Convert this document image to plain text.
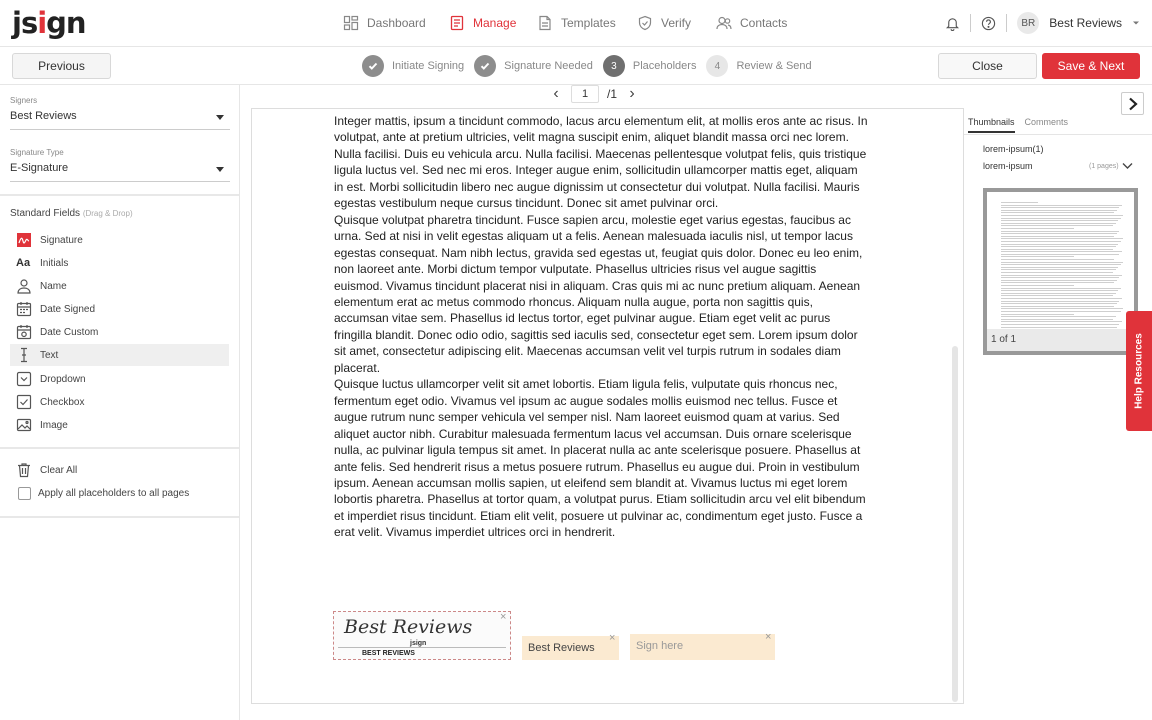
jsign	Dashboard	Manage	Templates	Verify	Contacts	BR	Best Reviews
Previous	Initiate Signing	Signature Needed	3	Placeholders	4	Review & Send	Close	Save & Next
Signers
Best Reviews
Signature Type
E-Signature
Standard Fields (Drag & Drop)
Signature
Aa Initials
Name
Date Signed
Date Custom
Text
Dropdown
Checkbox
Image
Clear All
Apply all placeholders to all pages
‹	1	/1 ›

Integer mattis, ipsum a tincidunt commodo, lacus arcu elementum elit, at mollis eros ante ac risus. In volutpat, ante at pretium ultricies, velit magna suscipit enim, aliquet blandit massa orci nec lorem. Nulla facilisi. Duis eu vehicula arcu. Nulla facilisi. Maecenas pellentesque volutpat felis, quis tristique ligula luctus vel. Sed nec mi eros. Integer augue enim, sollicitudin ullamcorper mattis eget, aliquam in est. Morbi sollicitudin libero nec augue dignissim ut consectetur dui volutpat. Nulla facilisi. Mauris egestas vestibulum neque cursus tincidunt. Donec sit amet pulvinar orci.

Quisque volutpat pharetra tincidunt. Fusce sapien arcu, molestie eget varius egestas, faucibus ac urna. Sed at nisi in velit egestas aliquam ut a felis. Aenean malesuada iaculis nisl, ut tempor lacus egestas consequat. Nam nibh lectus, gravida sed egestas ut, feugiat quis dolor. Donec eu leo enim, non laoreet ante. Morbi dictum tempor vulputate. Phasellus ultricies risus vel augue sagittis euismod. Vivamus tincidunt placerat nisi in aliquam. Cras quis mi ac nunc pretium aliquam. Aenean elementum erat ac metus commodo rhoncus. Aliquam nulla augue, porta non sagittis quis, accumsan vitae sem. Phasellus id lectus tortor, eget pulvinar augue. Etiam eget velit ac purus fringilla blandit. Donec odio odio, sagittis sed iaculis sed, consectetur eget sem. Lorem ipsum dolor sit amet, consectetur adipiscing elit. Maecenas accumsan velit vel turpis rutrum in sodales diam placerat.

Quisque luctus ullamcorper velit sit amet lobortis. Etiam ligula felis, vulputate quis rhoncus nec, fermentum eget odio. Vivamus vel ipsum ac augue sodales mollis euismod nec tellus. Fusce et augue rutrum nunc semper vehicula vel semper nisl. Nam laoreet euismod quam at varius. Sed aliquet auctor nibh. Curabitur malesuada fermentum lacus vel accumsan. Duis ornare scelerisque nulla, ac pulvinar ligula tempus sit amet. In placerat nulla ac ante scelerisque posuere. Phasellus at ante felis. Sed hendrerit risus a metus posuere rutrum. Phasellus eu augue dui. Proin in vestibulum ipsum. Aenean accumsan mollis sapien, ut eleifend sem blandit at. Vivamus luctus mi eget lorem lobortis pharetra. Phasellus at tortor quam, a volutpat purus. Etiam sollicitudin arcu vel elit bibendum et imperdiet risus tincidunt. Etiam elit velit, posuere ut pulvinar ac, condimentum eget justo. Fusce a erat velit. Vivamus imperdiet ultrices orci in hendrerit.

Best Reviews
jsign
BEST REVIEWS
×
Best Reviews
×
Sign here
×
Thumbnails Comments
lorem-ipsum(1)
lorem-ipsum	(1 pages)
1 of 1	Help Resources
